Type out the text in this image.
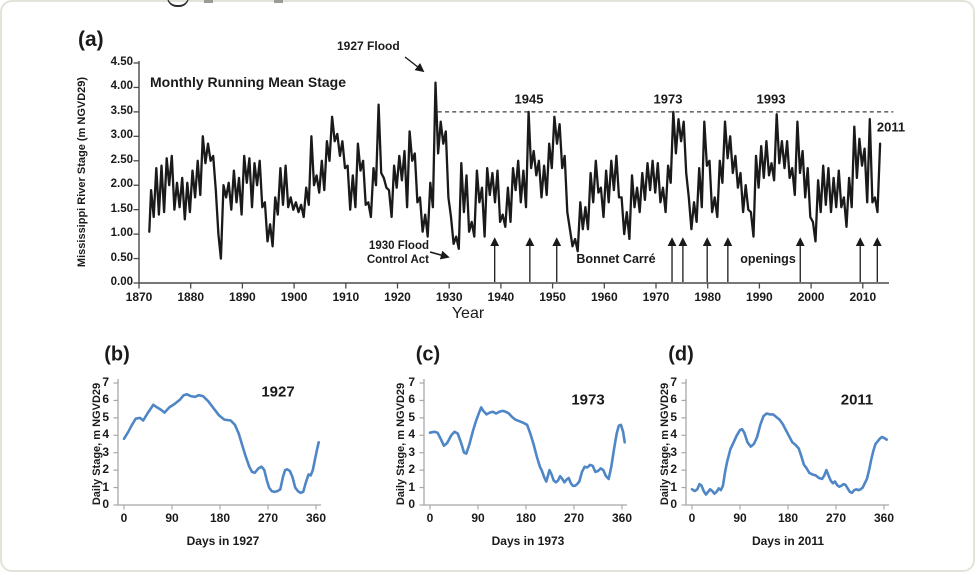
(a)
Monthly Running Mean Stage
Mississippi River Stage (m NGVD29)
Year
1927 Flood
1930 Flood
Control Act	Bonnet Carré	openings
1945	1973	1993
2011
(b)
1927
Daily Stage, m NGVD29
Days in 1927
(c)
1973
Daily Stage, m NGVD29
Days in 1973
(d)
2011
Daily Stage, m NGVD29
Days in 2011
0.00
0.50
1.00
1.50
2.00
2.50
3.00
3.50
4.00
4.50
1870	1880	1890	1900	1910	1920	1930	1940	1950	1960	1970	1980	1990	2000	2010
0
1
2
3
4
5
6
7
0	90	180	270	360
0
1
2
3
4
5
6
7
0	90	180	270	360
0
1
2
3
4
5
6
7
0	90	180	270	360
